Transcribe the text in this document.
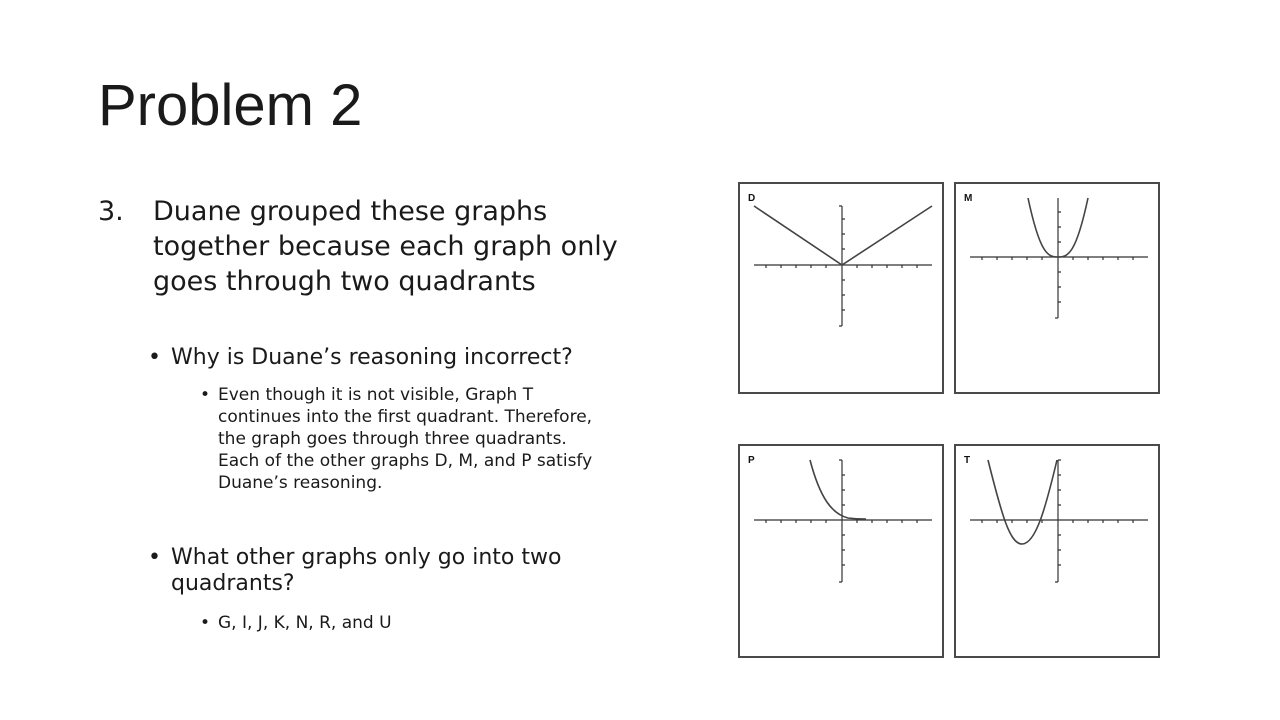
Problem 2
3. Duane grouped these graphs together because each graph only goes through two quadrants
• Why is Duane’s reasoning incorrect?
• Even though it is not visible, Graph T continues into the first quadrant. Therefore, the graph goes through three quadrants. Each of the other graphs D, M, and P satisfy Duane’s reasoning.
• What other graphs only go into two quadrants?
• G, I, J, K, N, R, and U
D	M
P	T
